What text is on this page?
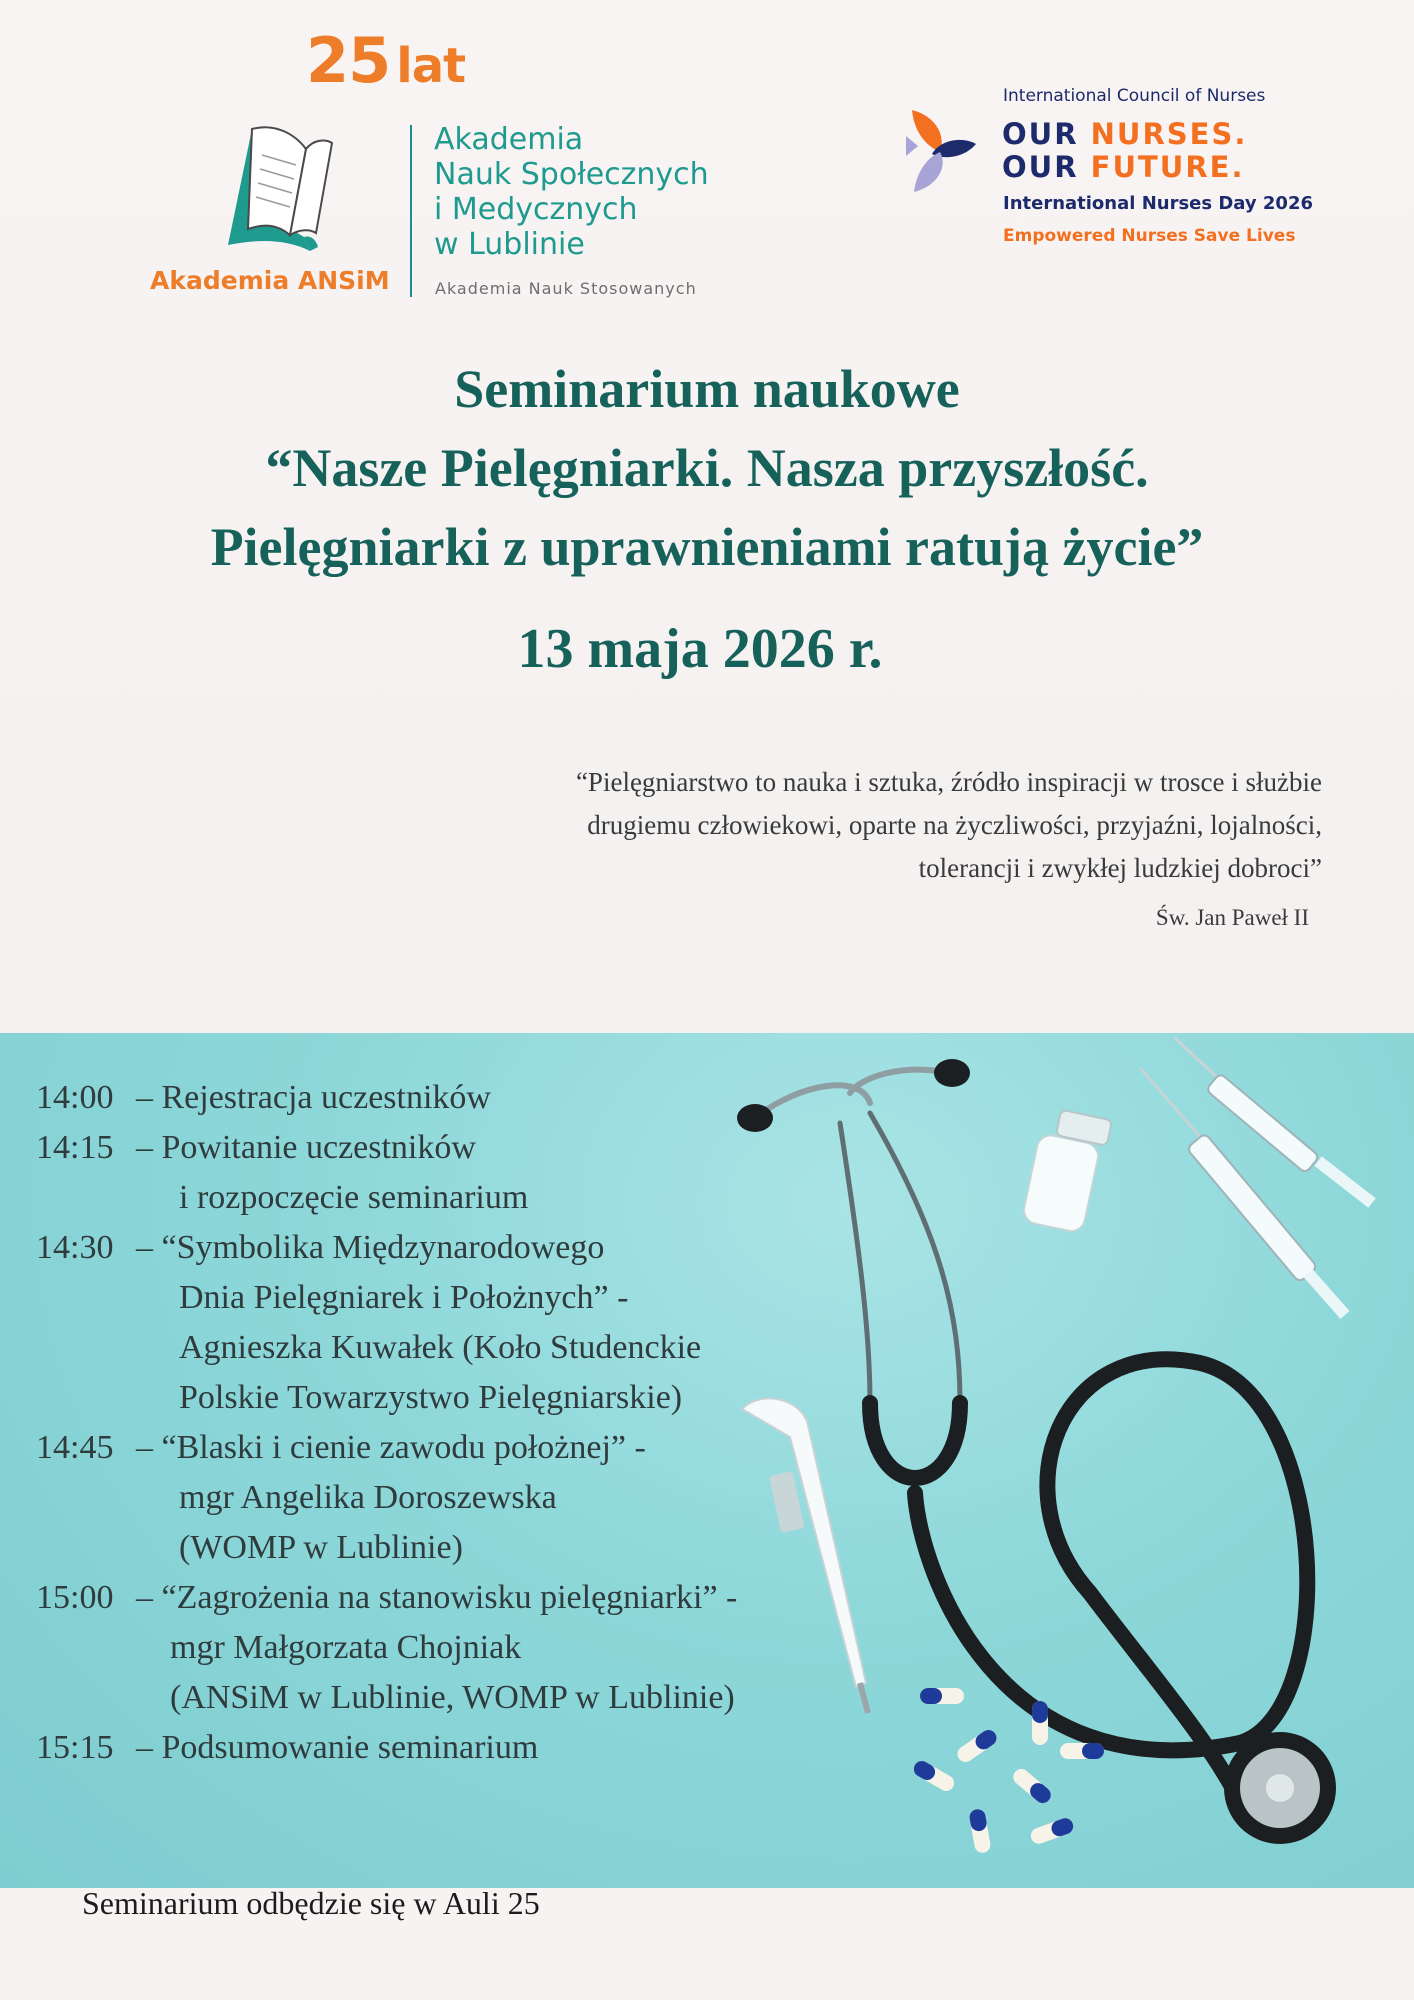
25 lat
Akademia ANSiM
Akademia
Nauk Społecznych
i Medycznych
w Lublinie
Akademia Nauk Stosowanych
International Council of Nurses
OUR NURSES.
OUR FUTURE.
International Nurses Day 2026
Empowered Nurses Save Lives
Seminarium naukowe
“Nasze Pielęgniarki. Nasza przyszłość.
Pielęgniarki z uprawnieniami ratują życie”
13 maja 2026 r.
“Pielęgniarstwo to nauka i sztuka, źródło inspiracji w trosce i służbie
drugiemu człowiekowi, oparte na życzliwości, przyjaźni, lojalności,
tolerancji i zwykłej ludzkiej dobroci”
Św. Jan Paweł II
14:00 – Rejestracja uczestników
14:15 – Powitanie uczestników
i rozpoczęcie seminarium
14:30 – “Symbolika Międzynarodowego
Dnia Pielęgniarek i Położnych” -
Agnieszka Kuwałek (Koło Studenckie
Polskie Towarzystwo Pielęgniarskie)
14:45 – “Blaski i cienie zawodu położnej” -
mgr Angelika Doroszewska
(WOMP w Lublinie)
15:00 – “Zagrożenia na stanowisku pielęgniarki” -
mgr Małgorzata Chojniak
(ANSiM w Lublinie, WOMP w Lublinie)
15:15 – Podsumowanie seminarium
Seminarium odbędzie się w Auli 25
